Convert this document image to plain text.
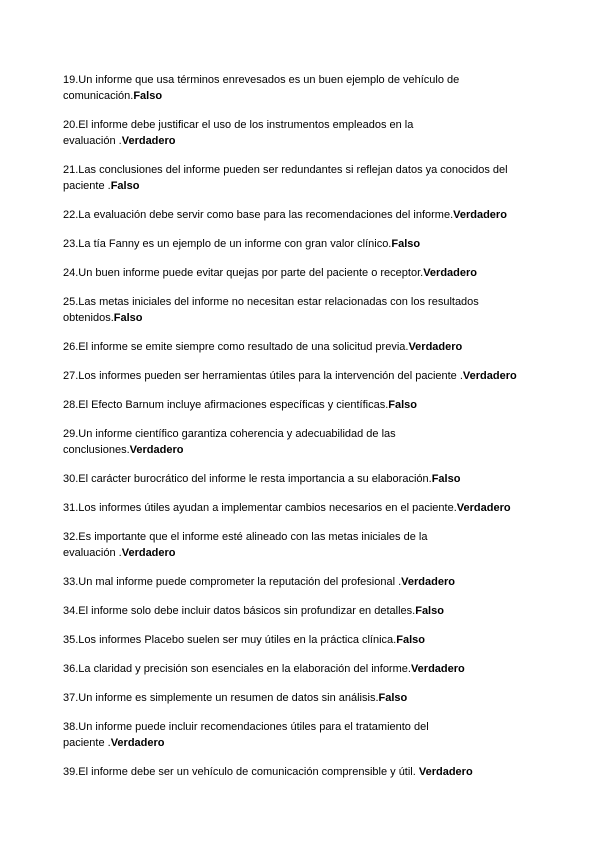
19.Un informe que usa términos enrevesados es un buen ejemplo de vehículo de
comunicación.Falso

20.El informe debe justificar el uso de los instrumentos empleados en la
evaluación .Verdadero

21.Las conclusiones del informe pueden ser redundantes si reflejan datos ya conocidos del
paciente .Falso

22.La evaluación debe servir como base para las recomendaciones del informe.Verdadero

23.La tía Fanny es un ejemplo de un informe con gran valor clínico.Falso

24.Un buen informe puede evitar quejas por parte del paciente o receptor.Verdadero

25.Las metas iniciales del informe no necesitan estar relacionadas con los resultados
obtenidos.Falso

26.El informe se emite siempre como resultado de una solicitud previa.Verdadero

27.Los informes pueden ser herramientas útiles para la intervención del paciente .Verdadero

28.El Efecto Barnum incluye afirmaciones específicas y científicas.Falso

29.Un informe científico garantiza coherencia y adecuabilidad de las
conclusiones.Verdadero

30.El carácter burocrático del informe le resta importancia a su elaboración.Falso

31.Los informes útiles ayudan a implementar cambios necesarios en el paciente.Verdadero

32.Es importante que el informe esté alineado con las metas iniciales de la
evaluación .Verdadero

33.Un mal informe puede comprometer la reputación del profesional .Verdadero

34.El informe solo debe incluir datos básicos sin profundizar en detalles.Falso

35.Los informes Placebo suelen ser muy útiles en la práctica clínica.Falso

36.La claridad y precisión son esenciales en la elaboración del informe.Verdadero

37.Un informe es simplemente un resumen de datos sin análisis.Falso

38.Un informe puede incluir recomendaciones útiles para el tratamiento del
paciente .Verdadero

39.El informe debe ser un vehículo de comunicación comprensible y útil. Verdadero
